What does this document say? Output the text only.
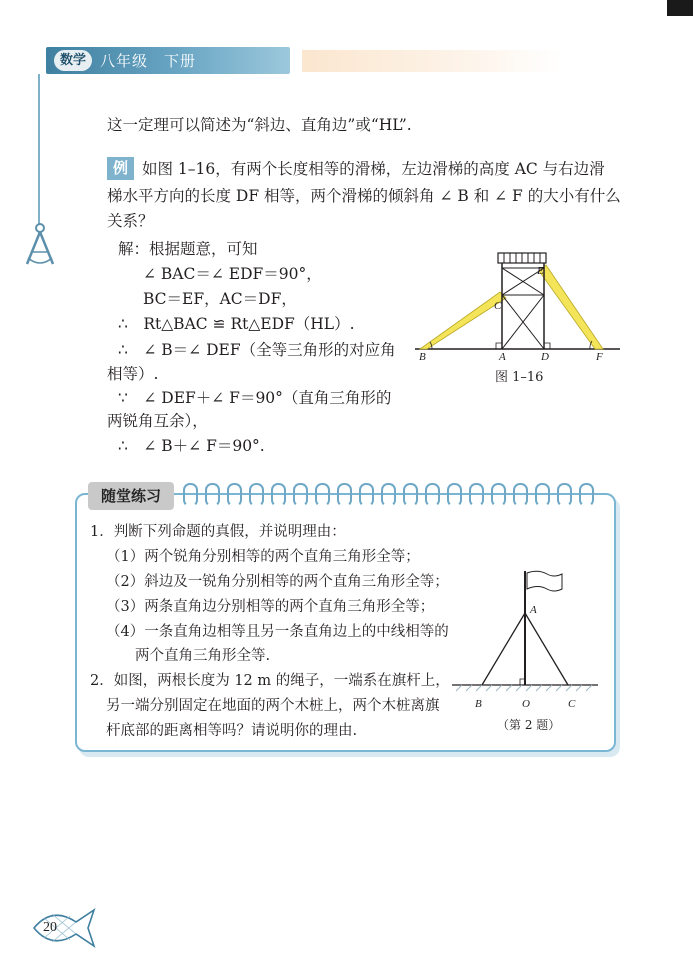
数学 八年级　下册
这一定理可以简述为“斜边、直角边”或“HL”.
例 如图 1–16，有两个长度相等的滑梯，左边滑梯的高度 AC 与右边滑
梯水平方向的长度 DF 相等，两个滑梯的倾斜角 ∠ B 和 ∠ F 的大小有什么
关系？
解：根据题意，可知
∠ BAC＝∠ EDF＝90°，
BC＝EF，AC＝DF，
∴　Rt△BAC ≌ Rt△EDF（HL）.
∴　∠ B＝∠ DEF（全等三角形的对应角
相等）.
∵　∠ DEF＋∠ F＝90°（直角三角形的
两锐角互余），
∴　∠ B＋∠ F＝90°.
B	A	D	F
C
E
图 1–16
随堂练习
1．判断下列命题的真假，并说明理由：
（1）两个锐角分别相等的两个直角三角形全等；
（2）斜边及一锐角分别相等的两个直角三角形全等；
（3）两条直角边分别相等的两个直角三角形全等；
（4）一条直角边相等且另一条直角边上的中线相等的
　　两个直角三角形全等.
2．如图，两根长度为 12 m 的绳子，一端系在旗杆上，
另一端分别固定在地面的两个木桩上，两个木桩离旗
杆底部的距离相等吗？请说明你的理由.
A
B	O	C
（第 2 题）
20
